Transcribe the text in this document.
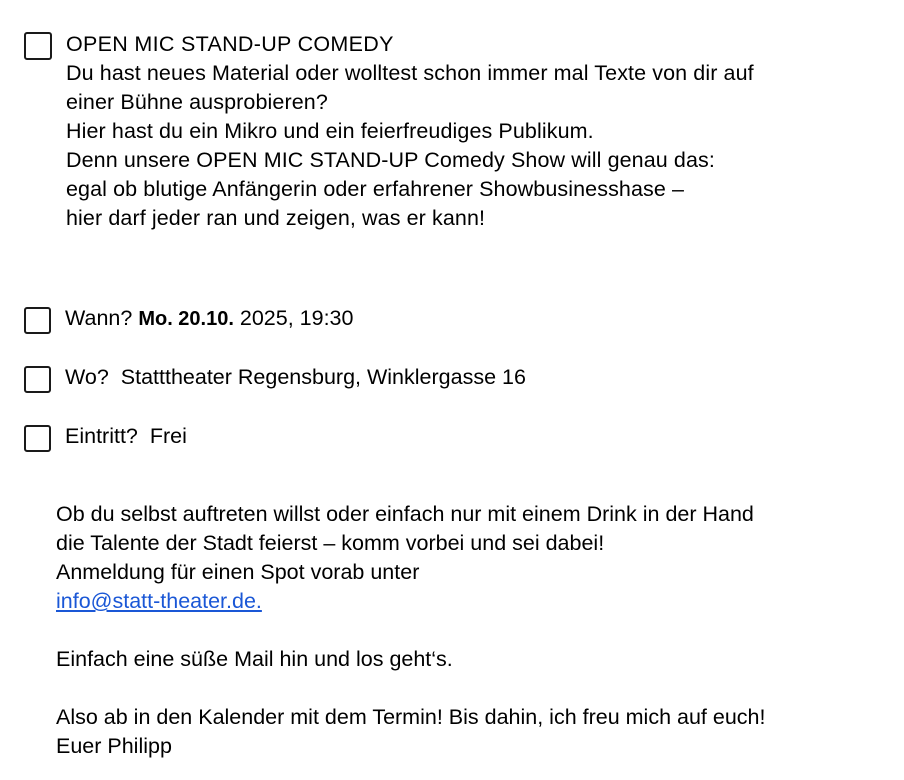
OPEN MIC STAND-UP COMEDY
Du hast neues Material oder wolltest schon immer mal Texte von dir auf
einer Bühne ausprobieren?
Hier hast du ein Mikro und ein feierfreudiges Publikum.
Denn unsere OPEN MIC STAND-UP Comedy Show will genau das:
egal ob blutige Anfängerin oder erfahrener Showbusinesshase –
hier darf jeder ran und zeigen, was er kann!
Wann? Mo. 20.10. 2025, 19:30
Wo?  Statttheater Regensburg, Winklergasse 16
Eintritt?  Frei
Ob du selbst auftreten willst oder einfach nur mit einem Drink in der Hand
die Talente der Stadt feierst – komm vorbei und sei dabei!
Anmeldung für einen Spot vorab unter
info@statt-theater.de.
Einfach eine süße Mail hin und los geht‘s.
Also ab in den Kalender mit dem Termin! Bis dahin, ich freu mich auf euch!
Euer Philipp
